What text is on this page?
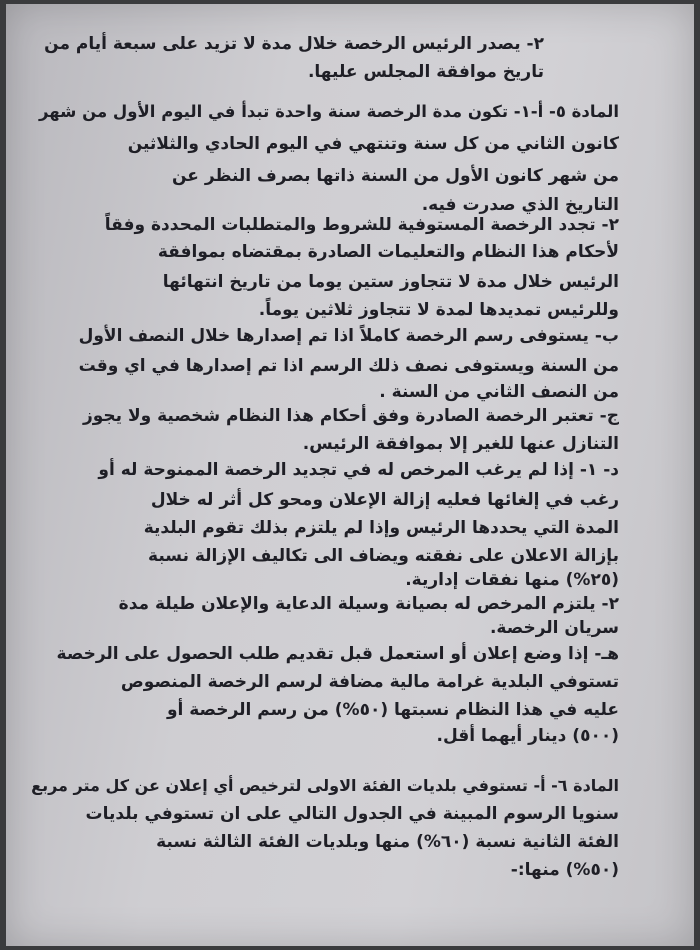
٢- يصدر الرئيس الرخصة خلال مدة لا تزيد على سبعة أيام من
تاريخ موافقة المجلس عليها.
المادة ٥- أ-١- تكون مدة الرخصة سنة واحدة تبدأ في اليوم الأول من شهر
كانون الثاني من كل سنة وتنتهي في اليوم الحادي والثلاثين
من شهر كانون الأول من السنة ذاتها بصرف النظر عن
التاريخ الذي صدرت فيه.
٢- تجدد الرخصة المستوفية للشروط والمتطلبات المحددة وفقاً
لأحكام هذا النظام والتعليمات الصادرة بمقتضاه بموافقة
الرئيس خلال مدة لا تتجاوز ستين يوما من تاريخ انتهائها
وللرئيس تمديدها لمدة لا تتجاوز ثلاثين يوماً.
ب- يستوفى رسم الرخصة كاملاً اذا تم إصدارها خلال النصف الأول
من السنة ويستوفى نصف ذلك الرسم اذا تم إصدارها في اي وقت
من النصف الثاني من السنة .
ج- تعتبر الرخصة الصادرة وفق أحكام هذا النظام شخصية ولا يجوز
التنازل عنها للغير إلا بموافقة الرئيس.
د- ١- إذا لم يرغب المرخص له في تجديد الرخصة الممنوحة له أو
رغب في إلغائها فعليه إزالة الإعلان ومحو كل أثر له خلال
المدة التي يحددها الرئيس وإذا لم يلتزم بذلك تقوم البلدية
بإزالة الاعلان على نفقته ويضاف الى تكاليف الإزالة نسبة
(٢٥%) منها نفقات إدارية.
٢- يلتزم المرخص له بصيانة وسيلة الدعاية والإعلان طيلة مدة
سريان الرخصة.
هـ- إذا وضع إعلان أو استعمل قبل تقديم طلب الحصول على الرخصة
تستوفي البلدية غرامة مالية مضافة لرسم الرخصة المنصوص
عليه في هذا النظام نسبتها (٥٠%) من رسم الرخصة أو
(٥٠٠) دينار أيهما أقل.
المادة ٦- أ- تستوفي بلديات الفئة الاولى لترخيص أي إعلان عن كل متر مربع
سنويا الرسوم المبينة في الجدول التالي على ان تستوفي بلديات
الفئة الثانية نسبة (٦٠%) منها وبلديات الفئة الثالثة نسبة
(٥٠%) منها:-
